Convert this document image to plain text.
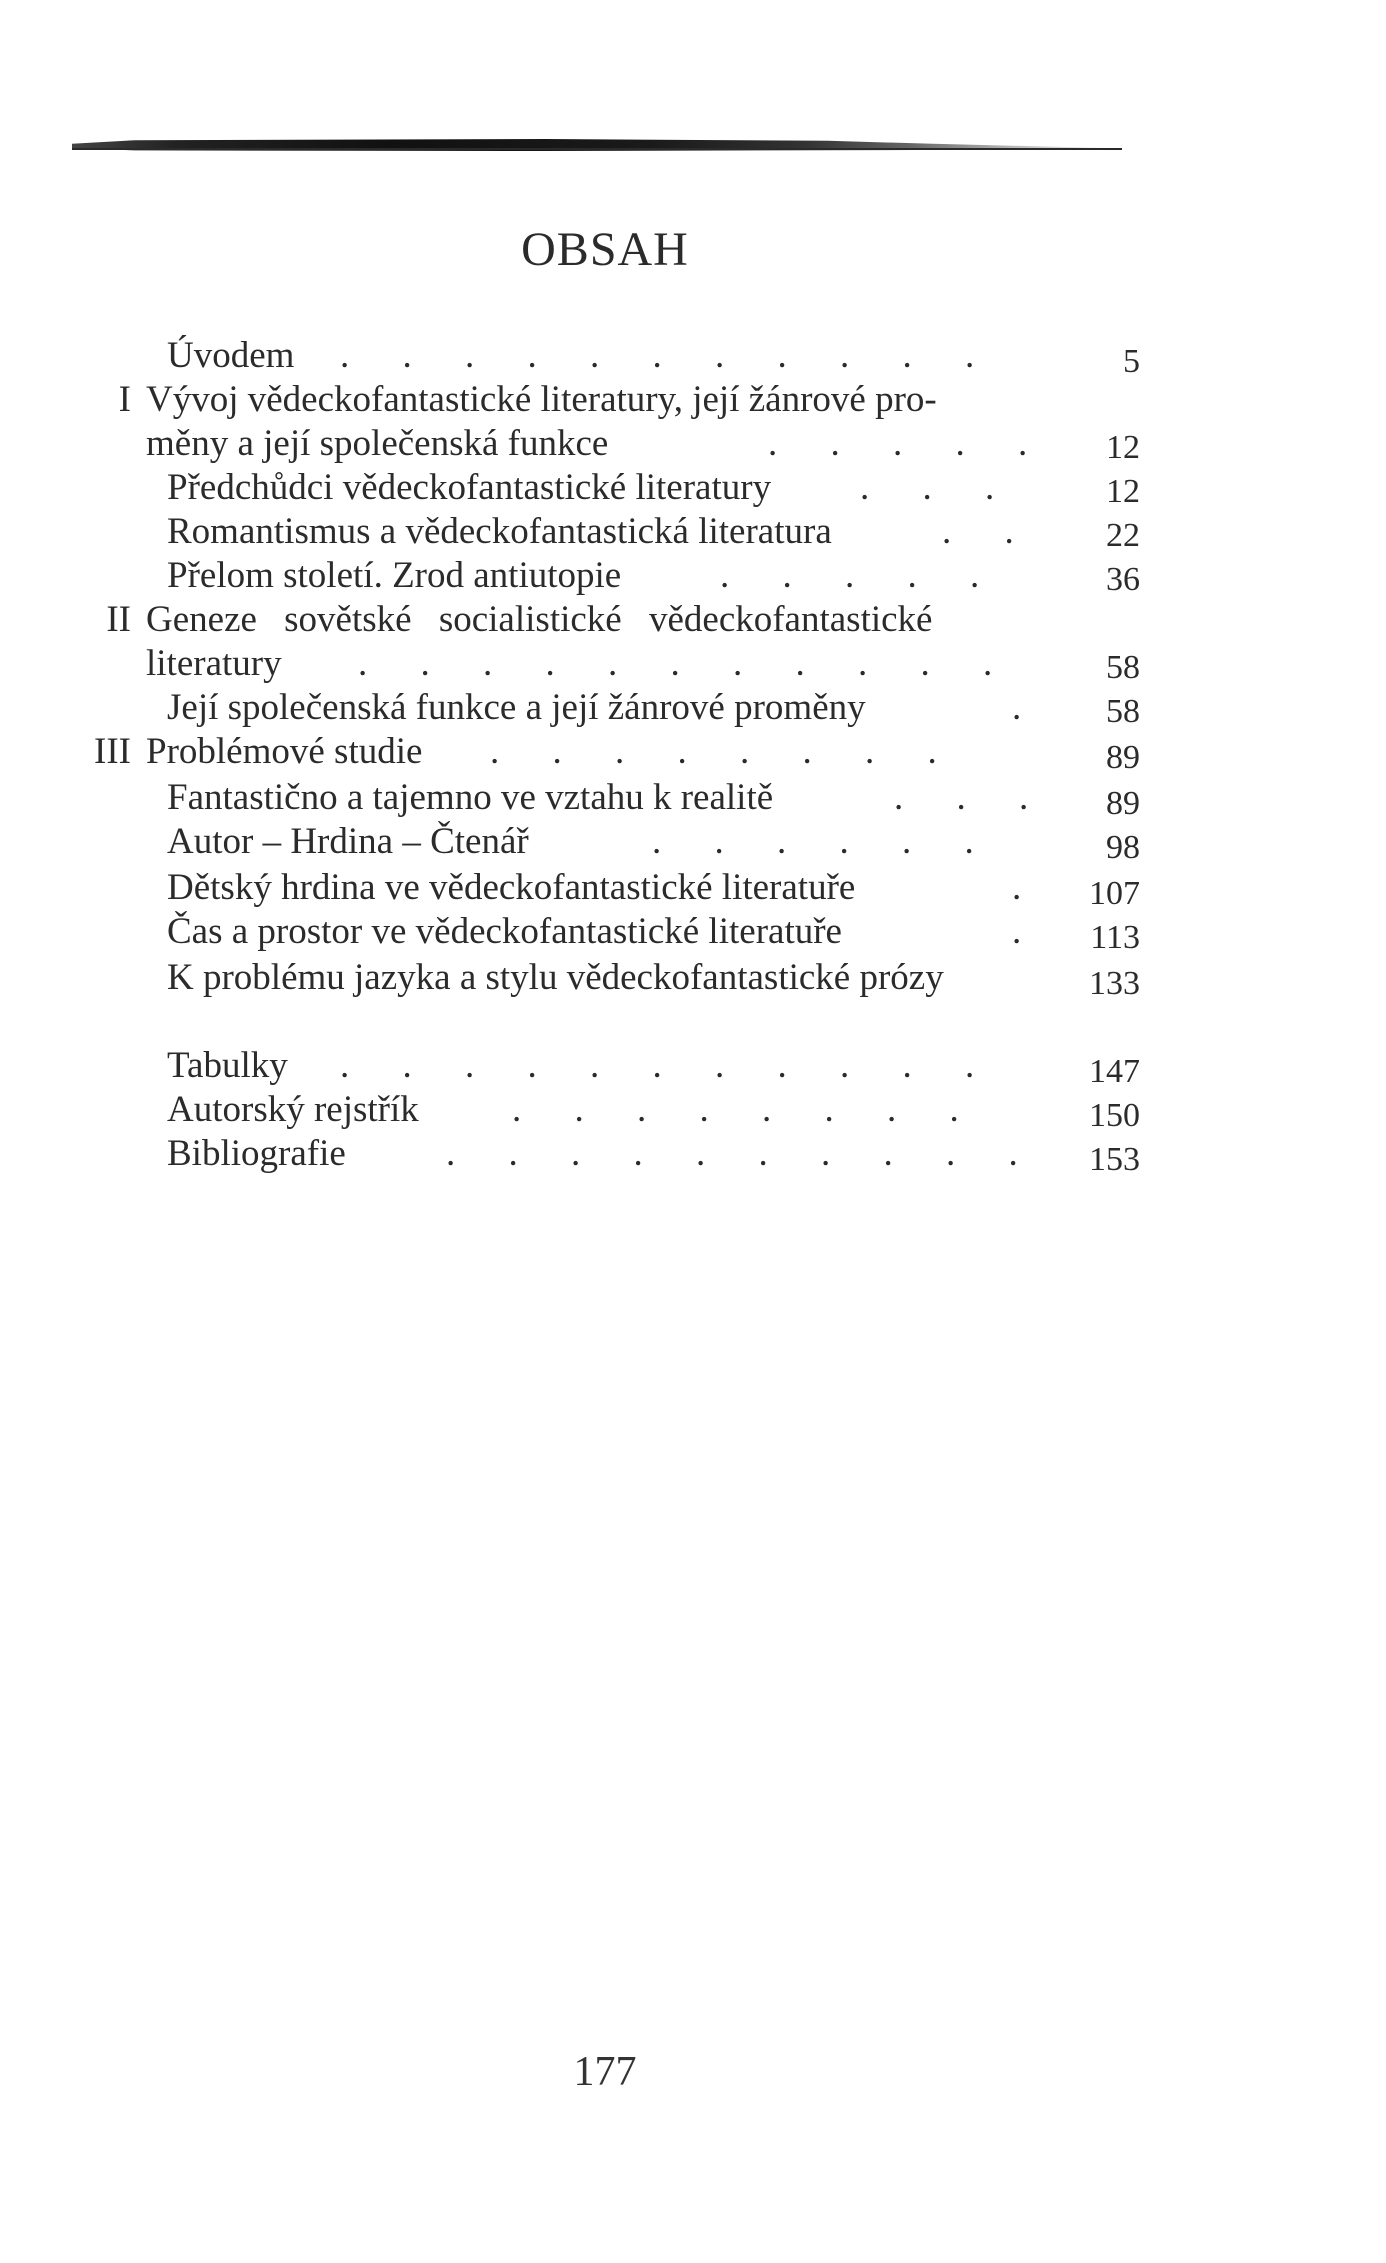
OBSAH
Úvodem . . . . . . . . . . .	5
I Vývoj vědeckofantastické literatury, její žánrové pro-
měny a její společenská funkce	. . . . .	12
Předchůdci vědeckofantastické literatury . . .	12
Romantismus a vědeckofantastická literatura	. .	22
Přelom století. Zrod antiutopie	. . . . .	36
II Geneze sovětské socialistické vědeckofantastické
literatury . . . . . . . . . . .	58
Její společenská funkce a její žánrové proměny	.	58
III Problémové studie . . . . . . . .	89
Fantastično a tajemno ve vztahu k realitě	. . .	89
Autor – Hrdina – Čtenář	. . . . . .	98
Dětský hrdina ve vědeckofantastické literatuře	.	107
Čas a prostor ve vědeckofantastické literatuře	.	113
K problému jazyka a stylu vědeckofantastické prózy	133
Tabulky . . . . . . . . . . .	147
Autorský rejstřík	. . . . . . . .	150
Bibliografie	. . . . . . . . . .	153
177
